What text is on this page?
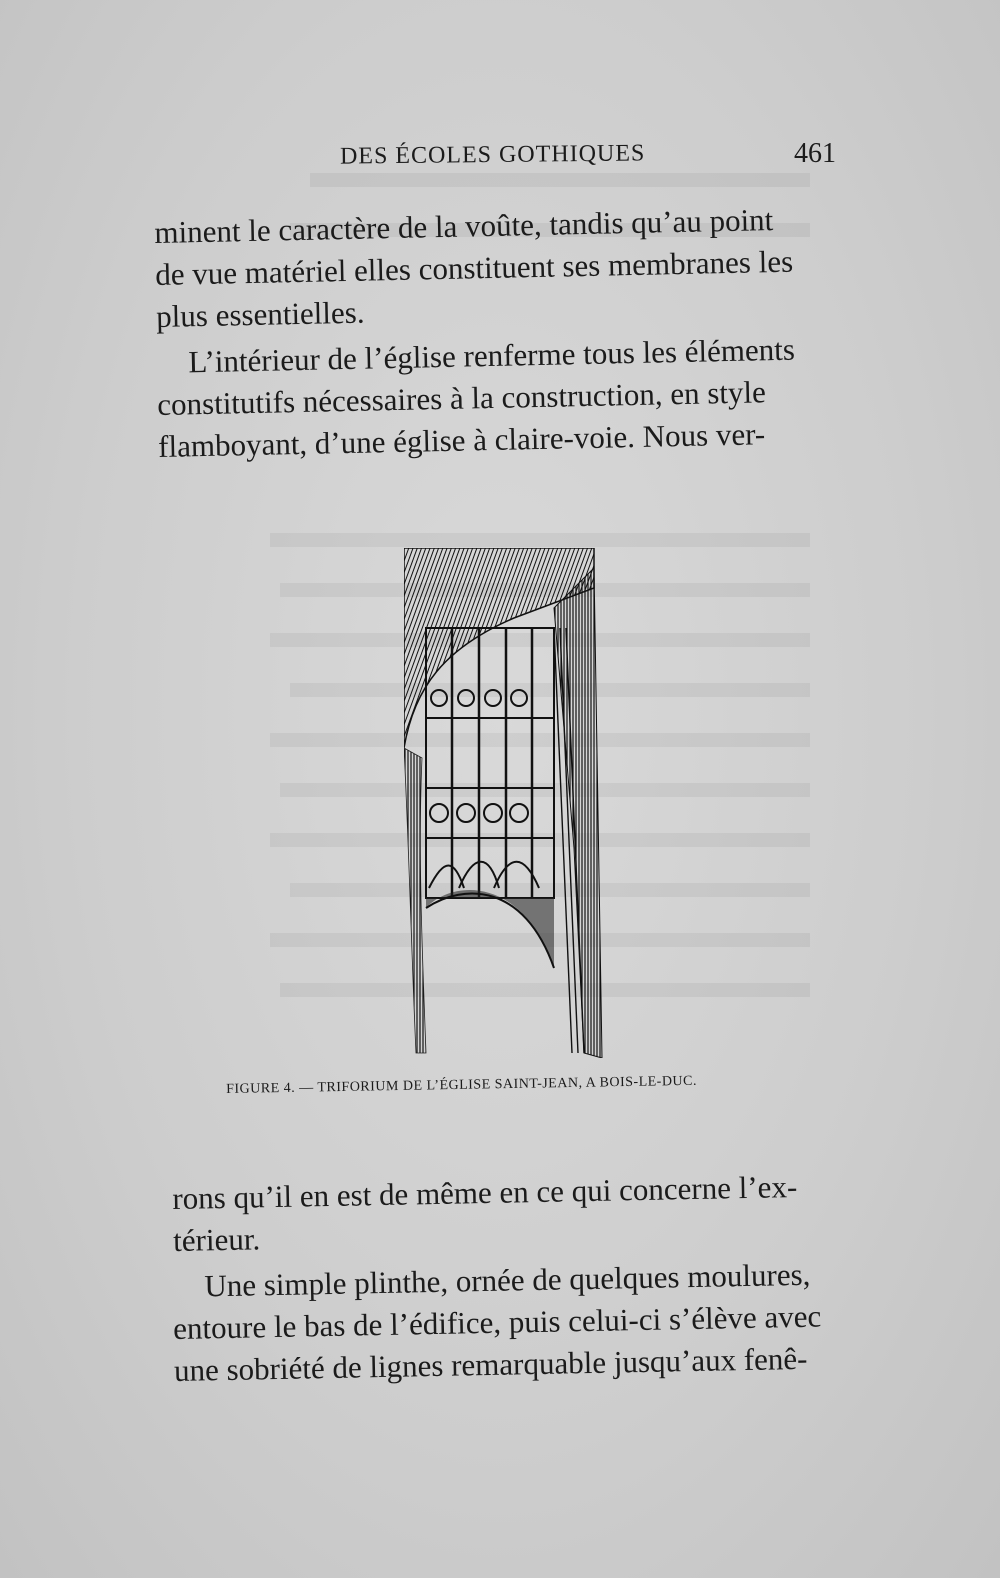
DES ÉCOLES GOTHIQUES	461

minent le caractère de la voûte, tandis qu’au point
de vue matériel elles constituent ses membranes les
plus essentielles.

L’intérieur de l’église renferme tous les éléments
constitutifs nécessaires à la construction, en style
flamboyant, d’une église à claire-voie. Nous ver-

FIGURE 4. — TRIFORIUM DE L’ÉGLISE SAINT-JEAN, A BOIS-LE-DUC.

rons qu’il en est de même en ce qui concerne l’ex-
térieur.

Une simple plinthe, ornée de quelques moulures,
entoure le bas de l’édifice, puis celui-ci s’élève avec
une sobriété de lignes remarquable jusqu’aux fenê-
